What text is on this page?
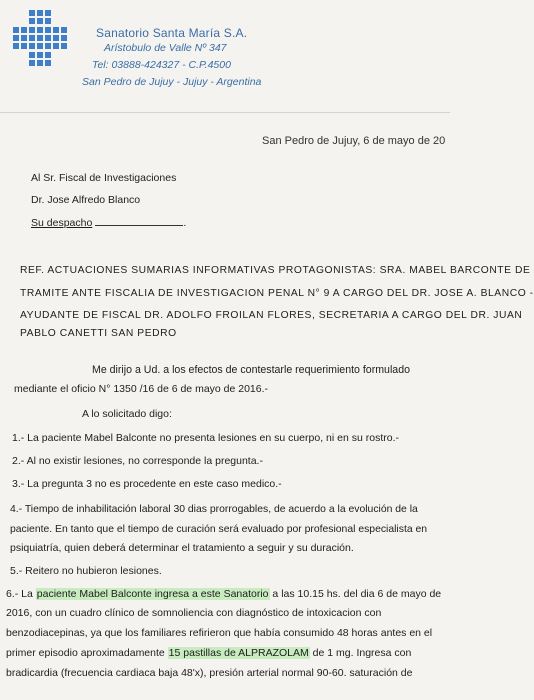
Sanatorio Santa María S.A.
Arístobulo de Valle Nº 347
Tel: 03888-424327 - C.P.4500
San Pedro de Jujuy - Jujuy - Argentina
San Pedro de Jujuy, 6 de mayo de 20
Al Sr. Fiscal de Investigaciones
Dr. Jose Alfredo Blanco
Su despacho	.
REF. ACTUACIONES SUMARIAS INFORMATIVAS PROTAGONISTAS: SRA. MABEL BARCONTE DE
TRAMITE ANTE FISCALIA DE INVESTIGACION PENAL N° 9 A CARGO DEL DR. JOSE A. BLANCO -
AYUDANTE DE FISCAL DR. ADOLFO FROILAN FLORES, SECRETARIA A CARGO DEL DR. JUAN
PABLO CANETTI SAN PEDRO
Me dirijo a Ud. a los efectos de contestarle requerimiento formulado
mediante el oficio N° 1350 /16 de 6 de mayo de 2016.-
A lo solicitado digo:
1.- La paciente Mabel Balconte no presenta lesiones en su cuerpo, ni en su rostro.-
2.- Al no existir lesiones, no corresponde la pregunta.-
3.- La pregunta 3 no es procedente en este caso medico.-
4.- Tiempo de inhabilitación laboral 30 dias prorrogables, de acuerdo a la evolución de la
paciente. En tanto que el tiempo de curación será evaluado por profesional especialista en
psiquiatría, quien deberá determinar el tratamiento a seguir y su duración.
5.- Reitero no hubieron lesiones.
6.- La paciente Mabel Balconte ingresa a este Sanatorio a las 10.15 hs. del dia 6 de mayo de
2016, con un cuadro clínico de somnoliencia con diagnóstico de intoxicacion con
benzodiacepinas, ya que los familiares refirieron que había consumido 48 horas antes en el
primer episodio aproximadamente 15 pastillas de ALPRAZOLAM de 1 mg. Ingresa con
bradicardia (frecuencia cardiaca baja 48'x), presión arterial normal 90-60. saturación de
